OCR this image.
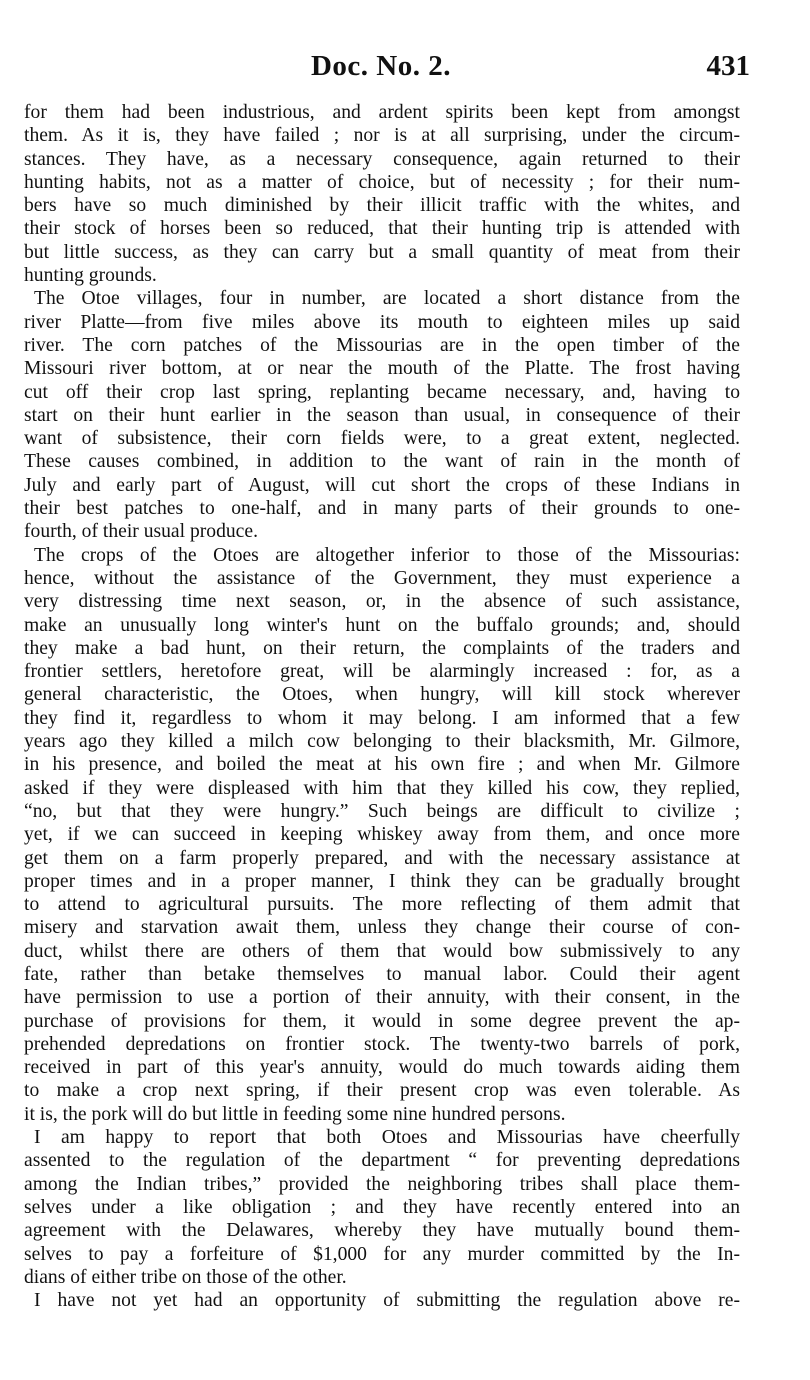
Doc. No. 2.	431
for them had been industrious, and ardent spirits been kept from amongst
them. As it is, they have failed ; nor is at all surprising, under the circum-
stances. They have, as a necessary consequence, again returned to their
hunting habits, not as a matter of choice, but of necessity ; for their num-
bers have so much diminished by their illicit traffic with the whites, and
their stock of horses been so reduced, that their hunting trip is attended with
but little success, as they can carry but a small quantity of meat from their
hunting grounds.
The Otoe villages, four in number, are located a short distance from the
river Platte—from five miles above its mouth to eighteen miles up said
river. The corn patches of the Missourias are in the open timber of the
Missouri river bottom, at or near the mouth of the Platte. The frost having
cut off their crop last spring, replanting became necessary, and, having to
start on their hunt earlier in the season than usual, in consequence of their
want of subsistence, their corn fields were, to a great extent, neglected.
These causes combined, in addition to the want of rain in the month of
July and early part of August, will cut short the crops of these Indians in
their best patches to one-half, and in many parts of their grounds to one-
fourth, of their usual produce.
The crops of the Otoes are altogether inferior to those of the Missourias:
hence, without the assistance of the Government, they must experience a
very distressing time next season, or, in the absence of such assistance,
make an unusually long winter's hunt on the buffalo grounds; and, should
they make a bad hunt, on their return, the complaints of the traders and
frontier settlers, heretofore great, will be alarmingly increased : for, as a
general characteristic, the Otoes, when hungry, will kill stock wherever
they find it, regardless to whom it may belong. I am informed that a few
years ago they killed a milch cow belonging to their blacksmith, Mr. Gilmore,
in his presence, and boiled the meat at his own fire ; and when Mr. Gilmore
asked if they were displeased with him that they killed his cow, they replied,
“no, but that they were hungry.” Such beings are difficult to civilize ;
yet, if we can succeed in keeping whiskey away from them, and once more
get them on a farm properly prepared, and with the necessary assistance at
proper times and in a proper manner, I think they can be gradually brought
to attend to agricultural pursuits. The more reflecting of them admit that
misery and starvation await them, unless they change their course of con-
duct, whilst there are others of them that would bow submissively to any
fate, rather than betake themselves to manual labor. Could their agent
have permission to use a portion of their annuity, with their consent, in the
purchase of provisions for them, it would in some degree prevent the ap-
prehended depredations on frontier stock. The twenty-two barrels of pork,
received in part of this year's annuity, would do much towards aiding them
to make a crop next spring, if their present crop was even tolerable. As
it is, the pork will do but little in feeding some nine hundred persons.
I am happy to report that both Otoes and Missourias have cheerfully
assented to the regulation of the department “ for preventing depredations
among the Indian tribes,” provided the neighboring tribes shall place them-
selves under a like obligation ; and they have recently entered into an
agreement with the Delawares, whereby they have mutually bound them-
selves to pay a forfeiture of $1,000 for any murder committed by the In-
dians of either tribe on those of the other.
I have not yet had an opportunity of submitting the regulation above re-
